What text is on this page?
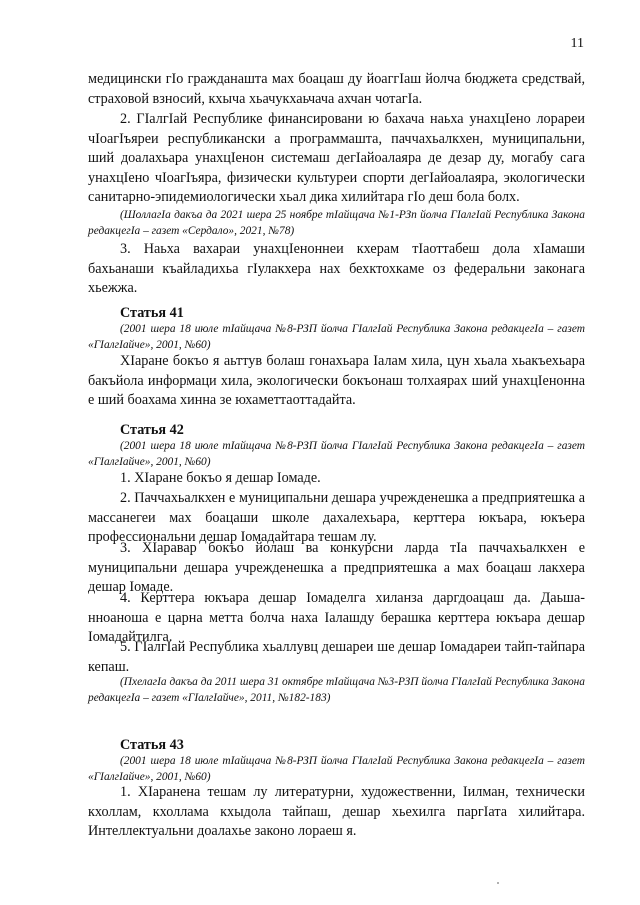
11

медицински гIо гражданашта мах боацаш ду йоаггIаш йолча бюджета средствай, страховой взносий, кхыча хьачукхаьчача ахчан чотагIа.

2. ГIалгIай Республике финансировани ю бахача наьха унахцIено лорареи чIоагIъяреи республикански а программашта, паччахьалкхен, муниципальни, ший доалахьара унахцIенон системаш дегIайоалаяра де дезар ду, могабу сага унахцIено чIоагIъяра, физически культуреи спорти дегIайоалаяра, экологически санитарно-эпидемиологически хьал дика хилийтара гIо деш бола болх.

(ШоллагIа дакъа да 2021 шера 25 ноябре тIайщача №1-РЗп йолча ГIалгIай Республика Закона редакцегIа – газет «Сердало», 2021, №78)

3. Наьха вахараи унахцIеноннеи кхерам тIаоттабеш дола хIамаши бахьанаши къайладихьа гIулакхера нах бехктохкаме оз федеральни законага хьежжа.

Статья 41

(2001 шера 18 июле тIайщача №8-РЗП йолча ГIалгIай Республика Закона редакцегIа – газет «ГIалгIайче», 2001, №60)

ХIаране бокъо я аьттув болаш гонахьара Iалам хила, цун хьала хьакъехьара бакъйола информаци хила, экологически бокъонаш толхаярах ший унахцIенонна е ший боахама хинна зе юхаметтаоттадайта.

Статья 42

(2001 шера 18 июле тIайщача №8-РЗП йолча ГIалгIай Республика Закона редакцегIа – газет «ГIалгIайче», 2001, №60)

1. ХIаране бокъо я дешар Iомаде.

2. Паччахьалкхен е муниципальни дешара учрежденешка а предприятешка а массанегеи мах боацаши школе дахалехьара, керттера юкъара, юкъера профессиональни дешар Iомадайтара тешам лу.

3. ХIаравар бокъо йолаш ва конкурсни ларда тIа паччахьалкхен е муниципальни дешара учрежденешка а предприятешка а мах боацаш лакхера дешар Iомаде.

4. Керттера юкъара дешар Iомаделга хиланза даргдоацаш да. Даьша-нноаноша е царна метта болча наха Iалашду берашка керттера юкъара дешар Iомадайтилга.

5. ГIалгIай Республика хьаллувц дешареи ше дешар Iомадареи тайп-тайпара кепаш.

(ПхелагIа дакъа да 2011 шера 31 октябре тIайщача №3-РЗП йолча ГIалгIай Республика Закона редакцегIа – газет «ГIалгIайче», 2011, №182-183)

Статья 43

(2001 шера 18 июле тIайщача №8-РЗП йолча ГIалгIай Республика Закона редакцегIа – газет «ГIалгIайче», 2001, №60)

1. ХIаранена тешам лу литературни, художественни, Iилман, технически кхоллам, кхоллама кхыдола тайпаш, дешар хьехилга паргIата хилийтара. Интеллектуальни доалахье законо лораеш я.
